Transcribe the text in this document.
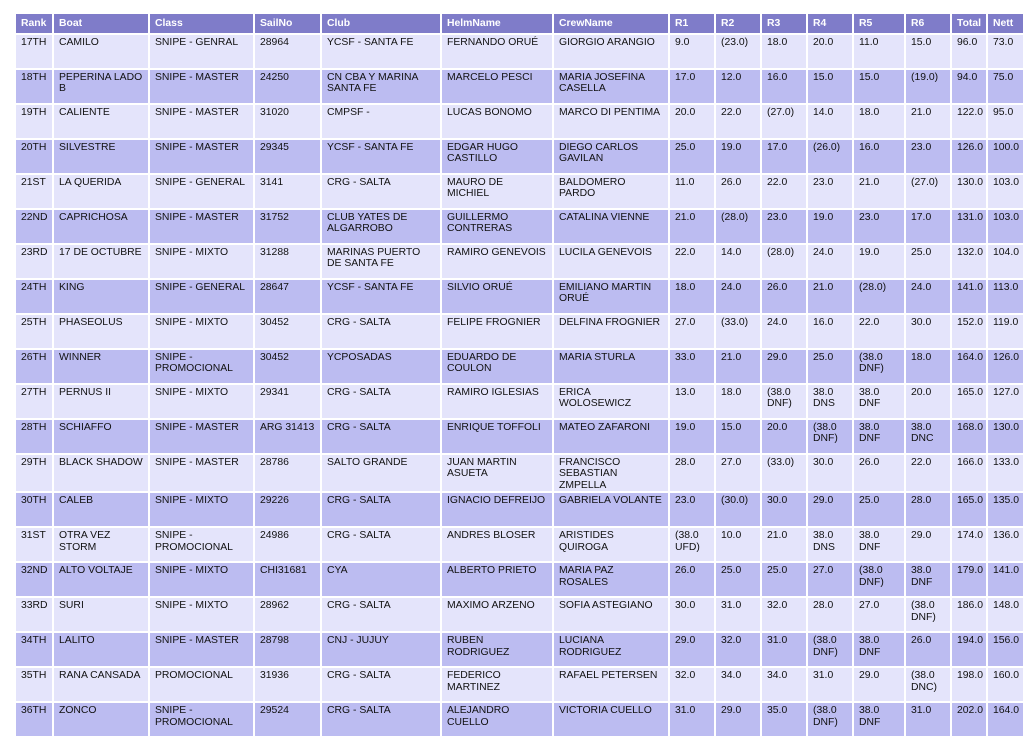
Rank	Boat	Class	SailNo	Club	HelmName	CrewName	R1	R2	R3	R4	R5	R6	Total	Nett
17TH	CAMILO	SNIPE - GENRAL	28964	YCSF - SANTA FE	FERNANDO ORUÉ	GIORGIO ARANGIO	9.0	(23.0)	18.0	20.0	11.0	15.0	96.0	73.0
18TH	PEPERINA LADO B	SNIPE - MASTER	24250	CN CBA Y MARINA SANTA FE	MARCELO PESCI	MARIA JOSEFINA CASELLA	17.0	12.0	16.0	15.0	15.0	(19.0)	94.0	75.0
19TH	CALIENTE	SNIPE - MASTER	31020	CMPSF -	LUCAS BONOMO	MARCO DI PENTIMA	20.0	22.0	(27.0)	14.0	18.0	21.0	122.0	95.0
20TH	SILVESTRE	SNIPE - MASTER	29345	YCSF - SANTA FE	EDGAR HUGO CASTILLO	DIEGO CARLOS GAVILAN	25.0	19.0	17.0	(26.0)	16.0	23.0	126.0	100.0
21ST	LA QUERIDA	SNIPE - GENERAL	3141	CRG - SALTA	MAURO DE MICHIEL	BALDOMERO PARDO	11.0	26.0	22.0	23.0	21.0	(27.0)	130.0	103.0
22ND	CAPRICHOSA	SNIPE - MASTER	31752	CLUB YATES DE ALGARROBO	GUILLERMO CONTRERAS	CATALINA VIENNE	21.0	(28.0)	23.0	19.0	23.0	17.0	131.0	103.0
23RD	17 DE OCTUBRE	SNIPE - MIXTO	31288	MARINAS PUERTO DE SANTA FE	RAMIRO GENEVOIS	LUCILA GENEVOIS	22.0	14.0	(28.0)	24.0	19.0	25.0	132.0	104.0
24TH	KING	SNIPE - GENERAL	28647	YCSF - SANTA FE	SILVIO ORUÉ	EMILIANO MARTIN ORUÉ	18.0	24.0	26.0	21.0	(28.0)	24.0	141.0	113.0
25TH	PHASEOLUS	SNIPE - MIXTO	30452	CRG - SALTA	FELIPE FROGNIER	DELFINA FROGNIER	27.0	(33.0)	24.0	16.0	22.0	30.0	152.0	119.0
26TH	WINNER	SNIPE - PROMOCIONAL	30452	YCPOSADAS	EDUARDO DE COULON	MARIA STURLA	33.0	21.0	29.0	25.0	(38.0 DNF)	18.0	164.0	126.0
27TH	PERNUS II	SNIPE - MIXTO	29341	CRG - SALTA	RAMIRO IGLESIAS	ERICA WOLOSEWICZ	13.0	18.0	(38.0 DNF)	38.0 DNS	38.0 DNF	20.0	165.0	127.0
28TH	SCHIAFFO	SNIPE - MASTER	ARG 31413	CRG - SALTA	ENRIQUE TOFFOLI	MATEO ZAFARONI	19.0	15.0	20.0	(38.0 DNF)	38.0 DNF	38.0 DNC	168.0	130.0
29TH	BLACK SHADOW	SNIPE - MASTER	28786	SALTO GRANDE	JUAN MARTIN ASUETA	FRANCISCO SEBASTIAN ZMPELLA	28.0	27.0	(33.0)	30.0	26.0	22.0	166.0	133.0
30TH	CALEB	SNIPE - MIXTO	29226	CRG - SALTA	IGNACIO DEFREIJO	GABRIELA VOLANTE	23.0	(30.0)	30.0	29.0	25.0	28.0	165.0	135.0
31ST	OTRA VEZ STORM	SNIPE - PROMOCIONAL	24986	CRG - SALTA	ANDRES BLOSER	ARISTIDES QUIROGA	(38.0 UFD)	10.0	21.0	38.0 DNS	38.0 DNF	29.0	174.0	136.0
32ND	ALTO VOLTAJE	SNIPE - MIXTO	CHI31681	CYA	ALBERTO PRIETO	MARIA PAZ ROSALES	26.0	25.0	25.0	27.0	(38.0 DNF)	38.0 DNF	179.0	141.0
33RD	SURI	SNIPE - MIXTO	28962	CRG - SALTA	MAXIMO ARZENO	SOFIA ASTEGIANO	30.0	31.0	32.0	28.0	27.0	(38.0 DNF)	186.0	148.0
34TH	LALITO	SNIPE - MASTER	28798	CNJ - JUJUY	RUBEN RODRIGUEZ	LUCIANA RODRIGUEZ	29.0	32.0	31.0	(38.0 DNF)	38.0 DNF	26.0	194.0	156.0
35TH	RANA CANSADA	PROMOCIONAL	31936	CRG - SALTA	FEDERICO MARTINEZ	RAFAEL PETERSEN	32.0	34.0	34.0	31.0	29.0	(38.0 DNC)	198.0	160.0
36TH	ZONCO	SNIPE - PROMOCIONAL	29524	CRG - SALTA	ALEJANDRO CUELLO	VICTORIA CUELLO	31.0	29.0	35.0	(38.0 DNF)	38.0 DNF	31.0	202.0	164.0
